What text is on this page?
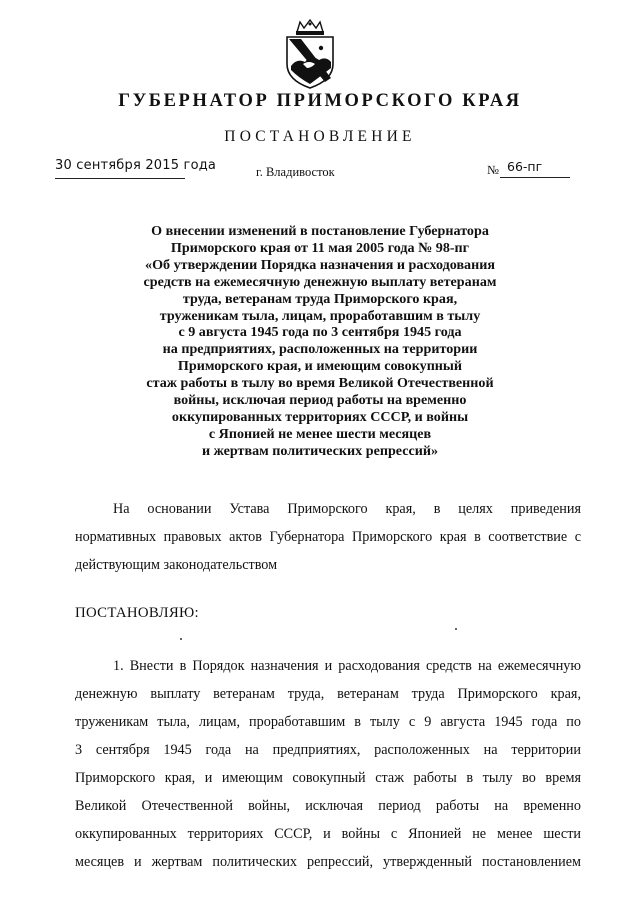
ГУБЕРНАТОР ПРИМОРСКОГО КРАЯ
ПОСТАНОВЛЕНИЕ
30 сентября 2015 года	г. Владивосток	№ 66-пг
О внесении изменений в постановление Губернатора
Приморского края от 11 мая 2005 года № 98-пг
«Об утверждении Порядка назначения и расходования
средств на ежемесячную денежную выплату ветеранам
труда, ветеранам труда Приморского края,
труженикам тыла, лицам, проработавшим в тылу
с 9 августа 1945 года по 3 сентября 1945 года
на предприятиях, расположенных на территории
Приморского края, и имеющим совокупный
стаж работы в тылу во время Великой Отечественной
войны, исключая период работы на временно
оккупированных территориях СССР, и войны
с Японией не менее шести месяцев
и жертвам политических репрессий»
На основании Устава Приморского края, в целях приведения
нормативных правовых актов Губернатора Приморского края в соответствие с
действующим законодательством
ПОСТАНОВЛЯЮ:
1. Внести в Порядок назначения и расходования средств на ежемесячную
денежную выплату ветеранам труда, ветеранам труда Приморского края,
труженикам тыла, лицам, проработавшим в тылу с 9 августа 1945 года по
3 сентября 1945 года на предприятиях, расположенных на территории
Приморского края, и имеющим совокупный стаж работы в тылу во время
Великой Отечественной войны, исключая период работы на временно
оккупированных территориях СССР, и войны с Японией не менее шести
месяцев и жертвам политических репрессий, утвержденный постановлением
